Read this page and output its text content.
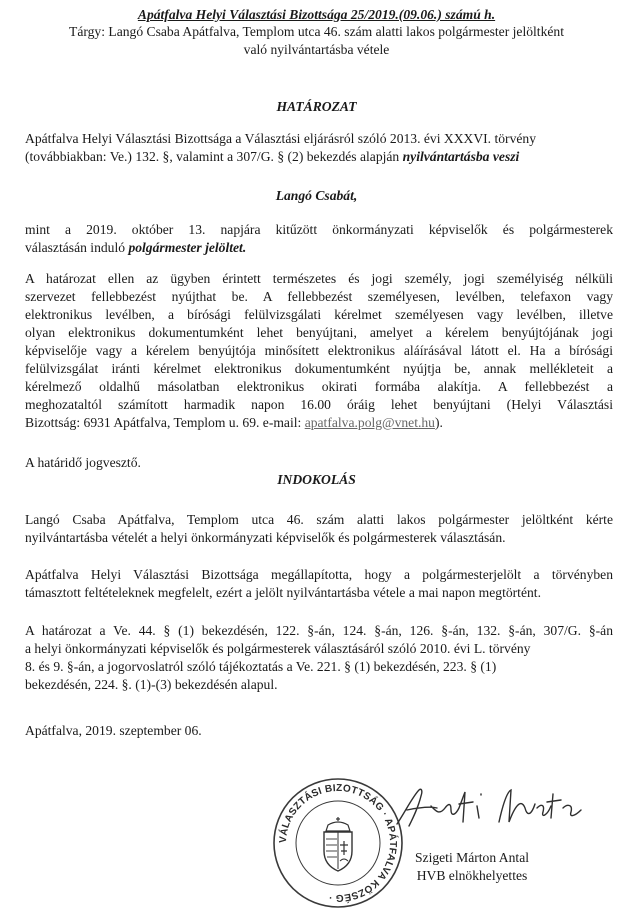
Apátfalva Helyi Választási Bizottsága 25/2019.(09.06.) számú h.
Tárgy: Langó Csaba Apátfalva, Templom utca 46. szám alatti lakos polgármester jelöltként
való nyilvántartásba vétele
HATÁROZAT
Apátfalva Helyi Választási Bizottsága a Választási eljárásról szóló 2013. évi XXXVI. törvény
(továbbiakban: Ve.) 132. §, valamint a 307/G. § (2) bekezdés alapján nyilvántartásba veszi
Langó Csabát,
mint a 2019. október 13. napjára kitűzött önkormányzati képviselők és polgármesterek
választásán induló polgármester jelöltet.
A határozat ellen az ügyben érintett természetes és jogi személy, jogi személyiség nélküli
szervezet fellebbezést nyújthat be. A fellebbezést személyesen, levélben, telefaxon vagy
elektronikus levélben, a bírósági felülvizsgálati kérelmet személyesen vagy levélben, illetve
olyan elektronikus dokumentumként lehet benyújtani, amelyet a kérelem benyújtójának jogi
képviselője vagy a kérelem benyújtója minősített elektronikus aláírásával látott el. Ha a bírósági
felülvizsgálat iránti kérelmet elektronikus dokumentumként nyújtja be, annak mellékleteit a
kérelmező oldalhű másolatban elektronikus okirati formába alakítja. A fellebbezést a
meghozataltól számított harmadik napon 16.00 óráig lehet benyújtani (Helyi Választási
Bizottság: 6931 Apátfalva, Templom u. 69. e-mail: apatfalva.polg@vnet.hu).
A határidő jogvesztő.
INDOKOLÁS
Langó Csaba Apátfalva, Templom utca 46. szám alatti lakos polgármester jelöltként kérte
nyilvántartásba vételét a helyi önkormányzati képviselők és polgármesterek választásán.
Apátfalva Helyi Választási Bizottsága megállapította, hogy a polgármesterjelölt a törvényben
támasztott feltételeknek megfelelt, ezért a jelölt nyilvántartásba vétele a mai napon megtörtént.
A határozat a Ve. 44. § (1) bekezdésén, 122. §-án, 124. §-án, 126. §-án, 132. §-án, 307/G. §-án
a helyi önkormányzati képviselők és polgármesterek választásáról szóló 2010. évi L. törvény
8. és 9. §-án, a jogorvoslatról szóló tájékoztatás a Ve. 221. § (1) bekezdésén, 223. § (1)
bekezdésén, 224. §. (1)-(3) bekezdésén alapul.
Apátfalva, 2019. szeptember 06.
VÁLASZTÁSI BIZOTTSÁG · APÁTFALVA KÖZSÉG ·
Szigeti Márton Antal
HVB elnökhelyettes
